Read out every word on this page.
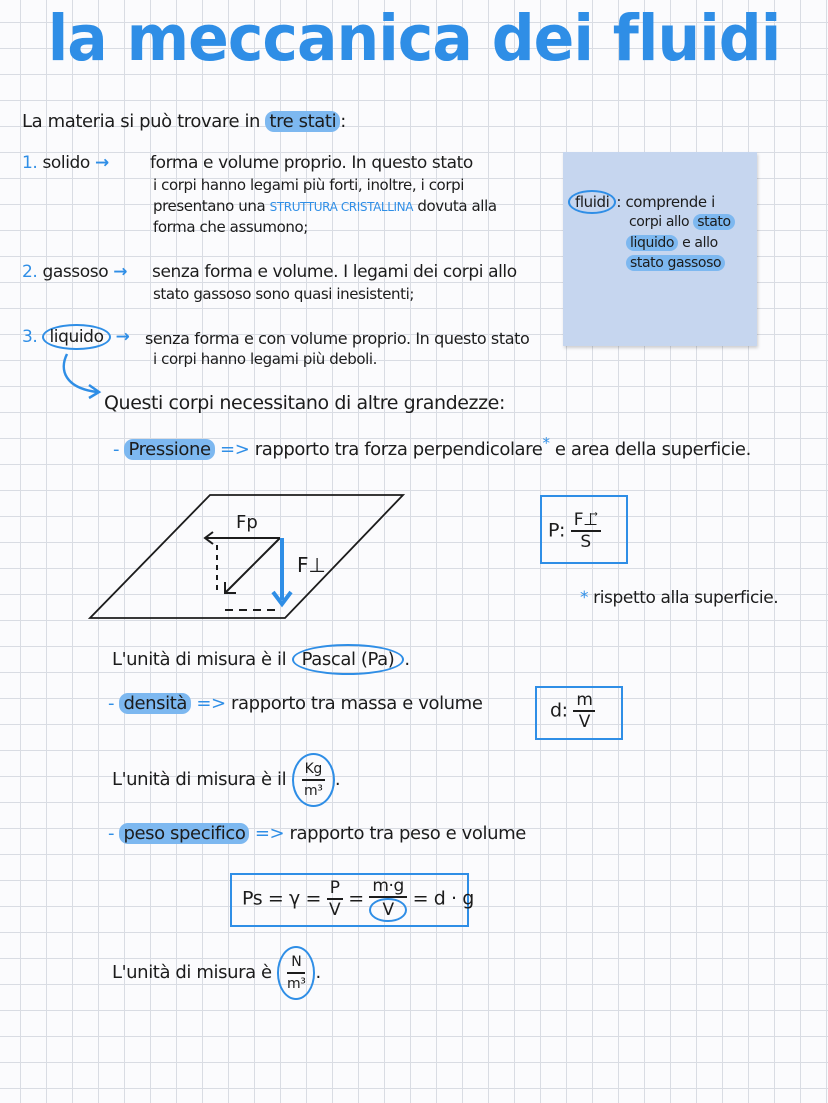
la meccanica dei fluidi
La materia si può trovare in tre stati :
1. solido → forma e volume proprio. In questo stato
i corpi hanno legami più forti, inoltre, i corpi
presentano una STRUTTURA CRISTALLINA dovuta alla
forma che assumono;
2. gassoso → senza forma e volume. I legami dei corpi allo
stato gassoso sono quasi inesistenti;
3. liquido → senza forma e con volume proprio. In questo stato
i corpi hanno legami più deboli.
fluidi : comprende i
corpi allo stato
liquido e allo
stato gassoso
Questi corpi necessitano di altre grandezze:
- Pressione => rapporto tra forza perpendicolare* e area della superficie.
Fp
F⊥
P: $\frac{F\perp⃗}{S}$
* rispetto alla superficie.
L'unità di misura è il Pascal (Pa) .
- densità => rapporto tra massa e volume	d: $\frac{m}{V}$
L'unità di misura è il $\frac{Kg}{\text{m³}}$ .
- peso specifico => rapporto tra peso e volume
$Ps = \gamma = \frac{P}{V} = \frac{m\cdot g}{V} = d \cdot g$
L'unità di misura è $\frac{N}{\text{m³}}$ .
